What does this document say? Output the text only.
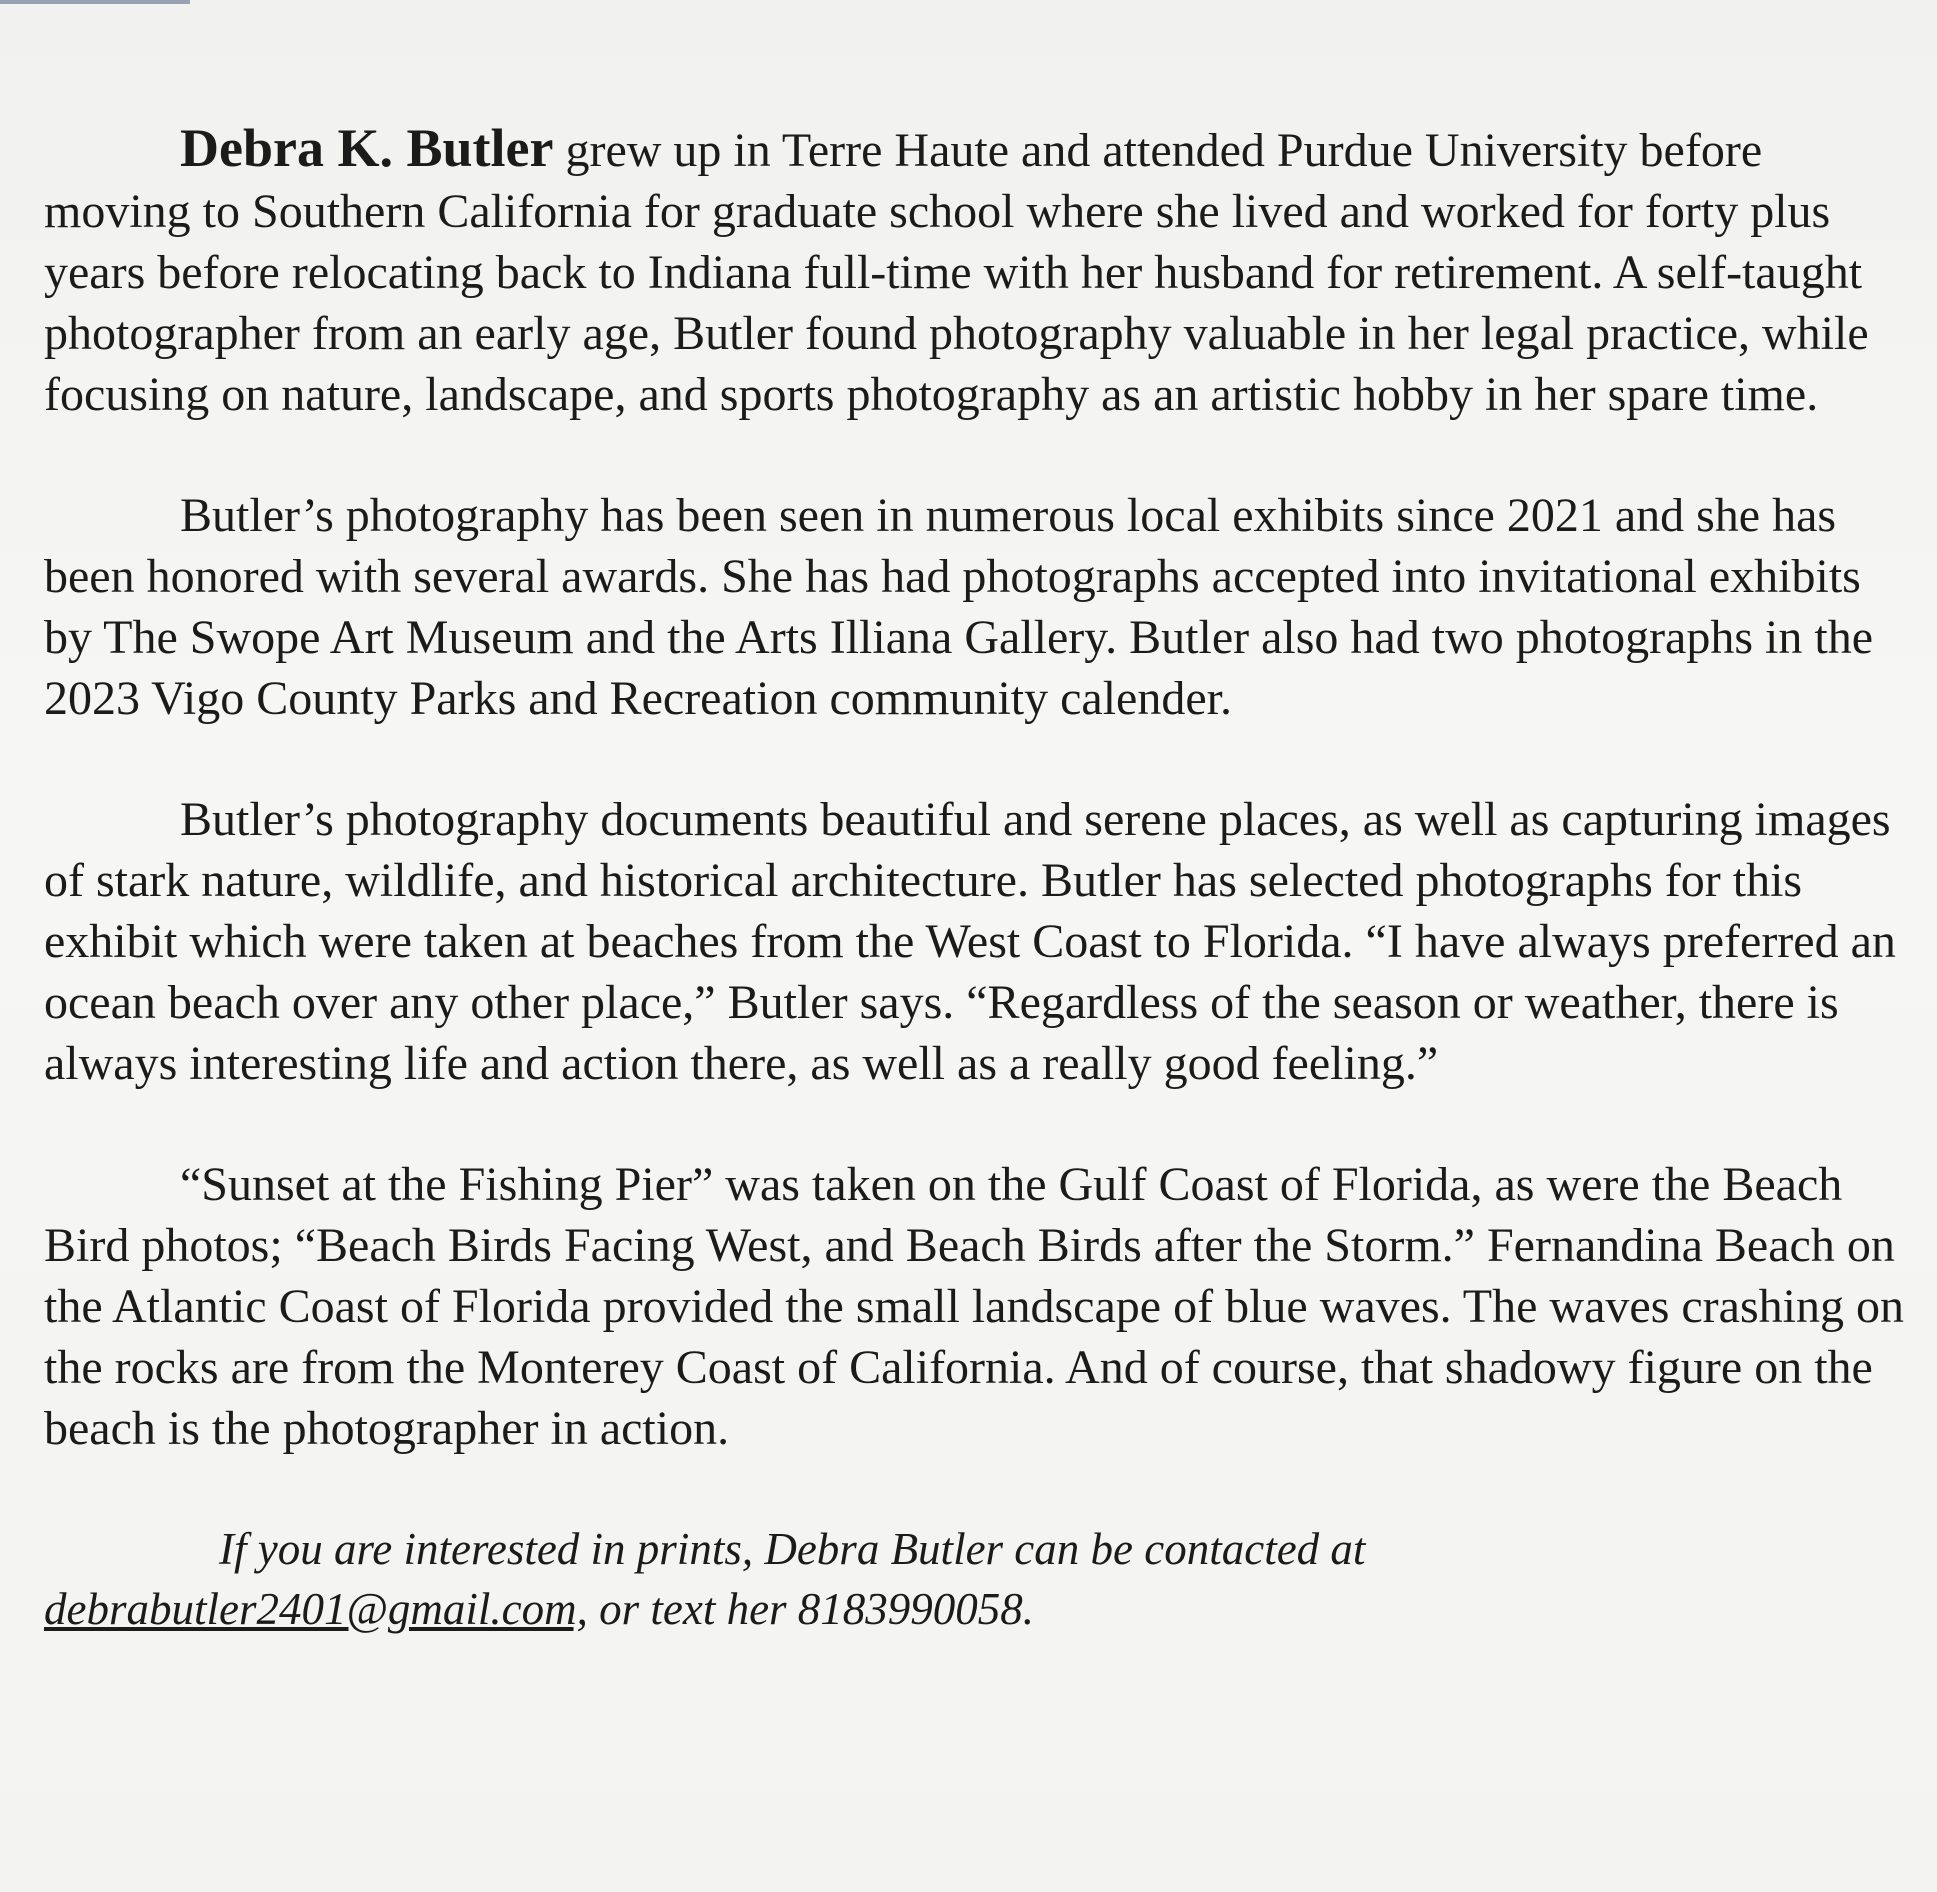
Debra K. Butler grew up in Terre Haute and attended Purdue University before moving to Southern California for graduate school where she lived and worked for forty plus years before relocating back to Indiana full-time with her husband for retirement. A self-taught photographer from an early age, Butler found photography valuable in her legal practice, while focusing on nature, landscape, and sports photography as an artistic hobby in her spare time.

Butler’s photography has been seen in numerous local exhibits since 2021 and she has been honored with several awards. She has had photographs accepted into invitational exhibits by The Swope Art Museum and the Arts Illiana Gallery. Butler also had two photographs in the 2023 Vigo County Parks and Recreation community calender.

Butler’s photography documents beautiful and serene places, as well as capturing images of stark nature, wildlife, and historical architecture. Butler has selected photographs for this exhibit which were taken at beaches from the West Coast to Florida. “I have always preferred an ocean beach over any other place,” Butler says. “Regardless of the season or weather, there is always interesting life and action there, as well as a really good feeling.”

“Sunset at the Fishing Pier” was taken on the Gulf Coast of Florida, as were the Beach Bird photos; “Beach Birds Facing West, and Beach Birds after the Storm.” Fernandina Beach on the Atlantic Coast of Florida provided the small landscape of blue waves. The waves crashing on the rocks are from the Monterey Coast of California. And of course, that shadowy figure on the beach is the photographer in action.

If you are interested in prints, Debra Butler can be contacted at debrabutler2401@gmail.com, or text her 8183990058.
